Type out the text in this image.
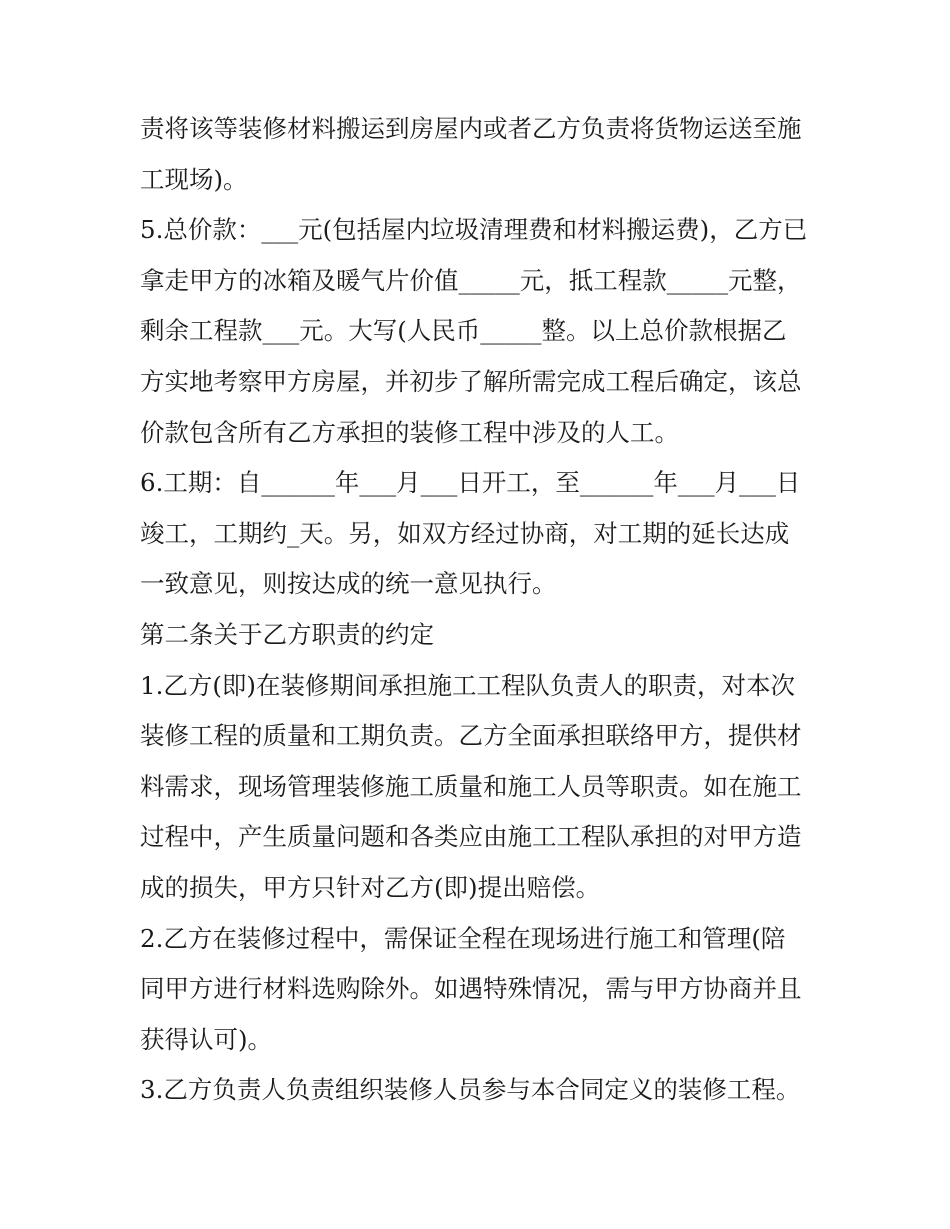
责将该等装修材料搬运到房屋内或者乙方负责将货物运送至施
工现场)。
5.总价款：___元(包括屋内垃圾清理费和材料搬运费)，乙方已
拿走甲方的冰箱及暖气片价值_____元，抵工程款_____元整，
剩余工程款___元。大写(人民币_____整。以上总价款根据乙
方实地考察甲方房屋，并初步了解所需完成工程后确定，该总
价款包含所有乙方承担的装修工程中涉及的人工。
6.工期：自______年___月___日开工，至______年___月___日
竣工，工期约_天。另，如双方经过协商，对工期的延长达成
一致意见，则按达成的统一意见执行。
第二条关于乙方职责的约定
1.乙方(即)在装修期间承担施工工程队负责人的职责，对本次
装修工程的质量和工期负责。乙方全面承担联络甲方，提供材
料需求，现场管理装修施工质量和施工人员等职责。如在施工
过程中，产生质量问题和各类应由施工工程队承担的对甲方造
成的损失，甲方只针对乙方(即)提出赔偿。
2.乙方在装修过程中，需保证全程在现场进行施工和管理(陪
同甲方进行材料选购除外。如遇特殊情况，需与甲方协商并且
获得认可)。
3.乙方负责人负责组织装修人员参与本合同定义的装修工程。
